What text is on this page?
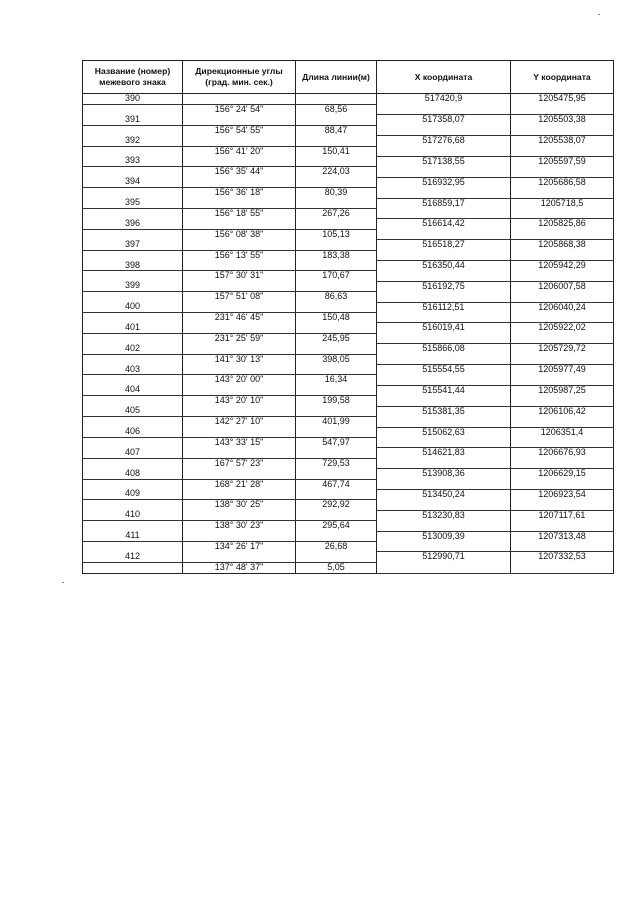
Название (номер) межевого знака	Дирекционные углы (град. мин. сек.)	Длина линии(м)	X координата	Y координата
390			517420,9	1205475,95
	156° 24' 54"	68,56		
391			517358,07	1205503,38
	156° 54' 55"	88,47		
392			517276,68	1205538,07
	156° 41' 20"	150,41		
393			517138,55	1205597,59
	156° 35' 44"	224,03		
394			516932,95	1205686,58
	156° 36' 18"	80,39		
395			516859,17	1205718,5
	156° 18' 55"	267,26		
396			516614,42	1205825,86
	156° 08' 38"	105,13		
397			516518,27	1205868,38
	156° 13' 55"	183,38		
398			516350,44	1205942,29
	157° 30' 31"	170,67		
399			516192,75	1206007,58
	157° 51' 08"	86,63		
400			516112,51	1206040,24
	231° 46' 45"	150,48		
401			516019,41	1205922,02
	231° 25' 59"	245,95		
402			515866,08	1205729,72
	141° 30' 13"	398,05		
403			515554,55	1205977,49
	143° 20' 00"	16,34		
404			515541,44	1205987,25
	143° 20' 10"	199,58		
405			515381,35	1206106,42
	142° 27' 10"	401,99		
406			515062,63	1206351,4
	143° 33' 15"	547,97		
407			514621,83	1206676,93
	167° 57' 23"	729,53		
408			513908,36	1206629,15
	168° 21' 28"	467,74		
409			513450,24	1206923,54
	138° 30' 25"	292,92		
410			513230,83	1207117,61
	138° 30' 23"	295,64		
411			513009,39	1207313,48
	134° 26' 17"	26,68		
412			512990,71	1207332,53
	137° 48' 37"	5,05		
